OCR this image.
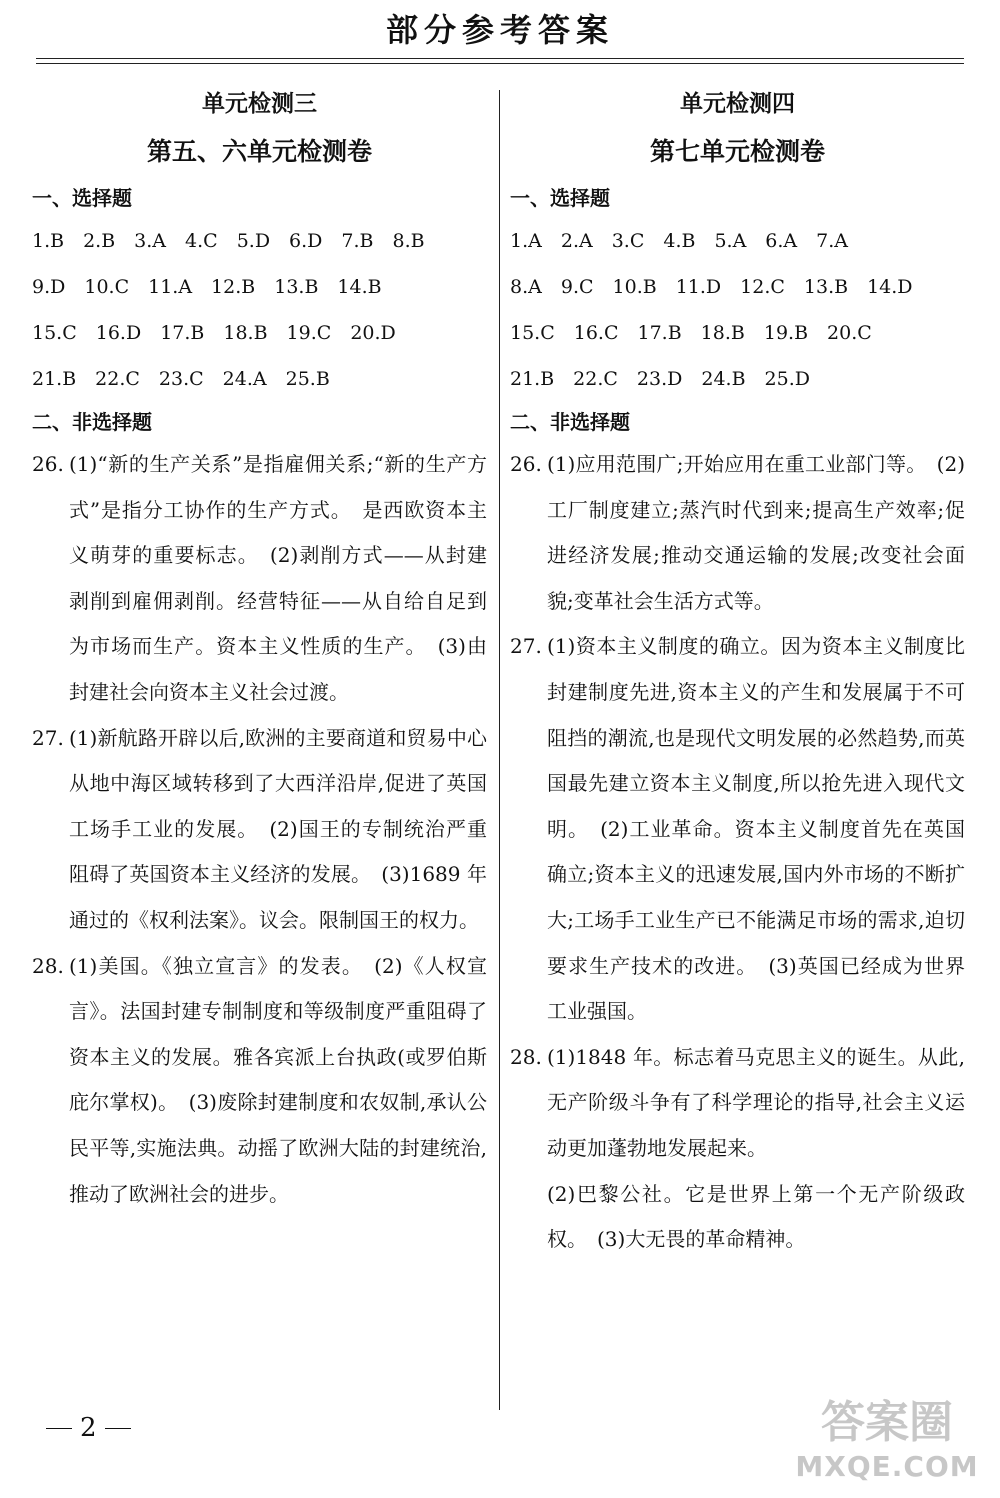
部分参考答案
单元检测三
第五、六单元检测卷
一、选择题
1.B　2.B　3.A　4.C　5.D　6.D　7.B　8.B
9.D　10.C　11.A　12.B　13.B　14.B
15.C　16.D　17.B　18.B　19.C　20.D
21.B　22.C　23.C　24.A　25.B
二、非选择题

26. (1)“新的生产关系”是指雇佣关系;“新的生产方式”是指分工协作的生产方式。　是西欧资本主义萌芽的重要标志。　(2)剥削方式——从封建剥削到雇佣剥削。经营特征——从自给自足到为市场而生产。资本主义性质的生产。　(3)由封建社会向资本主义社会过渡。

27. (1)新航路开辟以后,欧洲的主要商道和贸易中心从地中海区域转移到了大西洋沿岸,促进了英国工场手工业的发展。　(2)国王的专制统治严重阻碍了英国资本主义经济的发展。　(3)1689 年通过的《权利法案》。议会。限制国王的权力。

28. (1)美国。《独立宣言》的发表。　(2)《人权宣言》。法国封建专制制度和等级制度严重阻碍了资本主义的发展。雅各宾派上台执政(或罗伯斯庇尔掌权)。　(3)废除封建制度和农奴制,承认公民平等,实施法典。动摇了欧洲大陆的封建统治,推动了欧洲社会的进步。

单元检测四
第七单元检测卷
一、选择题
1.A　2.A　3.C　4.B　5.A　6.A　7.A
8.A　9.C　10.B　11.D　12.C　13.B　14.D
15.C　16.C　17.B　18.B　19.B　20.C
21.B　22.C　23.D　24.B　25.D
二、非选择题

26. (1)应用范围广;开始应用在重工业部门等。　(2)工厂制度建立;蒸汽时代到来;提高生产效率;促进经济发展;推动交通运输的发展;改变社会面貌;变革社会生活方式等。

27. (1)资本主义制度的确立。因为资本主义制度比封建制度先进,资本主义的产生和发展属于不可阻挡的潮流,也是现代文明发展的必然趋势,而英国最先建立资本主义制度,所以抢先进入现代文明。　(2)工业革命。资本主义制度首先在英国确立;资本主义的迅速发展,国内外市场的不断扩大;工场手工业生产已不能满足市场的需求,迫切要求生产技术的改进。　(3)英国已经成为世界工业强国。

28. (1)1848 年。标志着马克思主义的诞生。从此,无产阶级斗争有了科学理论的指导,社会主义运动更加蓬勃地发展起来。

(2)巴黎公社。它是世界上第一个无产阶级政权。　(3)大无畏的革命精神。

2	答案圈
MXQE.COM
